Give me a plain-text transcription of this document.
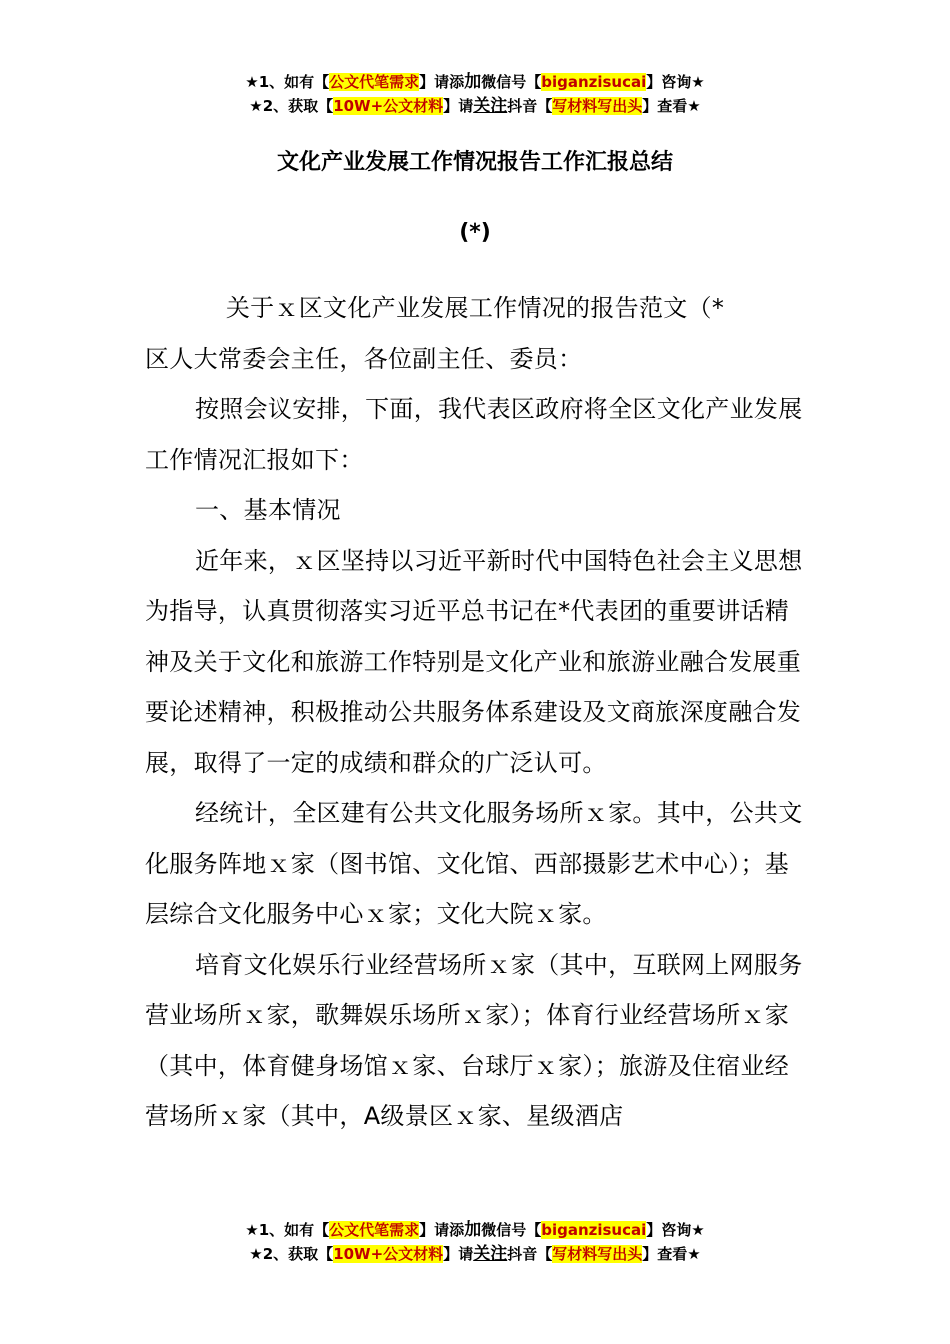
★1、如有【公文代笔需求】请添加微信号【biganzisucai】咨询★
★2、获取【10W+公文材料】请关注抖音【写材料写出头】查看★
文化产业发展工作情况报告工作汇报总结
(*)

关于ｘ区文化产业发展工作情况的报告范文（*

区人大常委会主任，各位副主任、委员：

按照会议安排，下面，我代表区政府将全区文化产业发展工作情况汇报如下：

一、基本情况

近年来，ｘ区坚持以习近平新时代中国特色社会主义思想为指导，认真贯彻落实习近平总书记在*代表团的重要讲话精神及关于文化和旅游工作特别是文化产业和旅游业融合发展重要论述精神，积极推动公共服务体系建设及文商旅深度融合发展，取得了一定的成绩和群众的广泛认可。

经统计，全区建有公共文化服务场所ｘ家。其中，公共文化服务阵地ｘ家（图书馆、文化馆、西部摄影艺术中心）；基层综合文化服务中心ｘ家；文化大院ｘ家。

培育文化娱乐行业经营场所ｘ家（其中，互联网上网服务营业场所ｘ家，歌舞娱乐场所ｘ家）；体育行业经营场所ｘ家（其中，体育健身场馆ｘ家、台球厅ｘ家）；旅游及住宿业经营场所ｘ家（其中，A级景区ｘ家、星级酒店

★1、如有【公文代笔需求】请添加微信号【biganzisucai】咨询★
★2、获取【10W+公文材料】请关注抖音【写材料写出头】查看★
